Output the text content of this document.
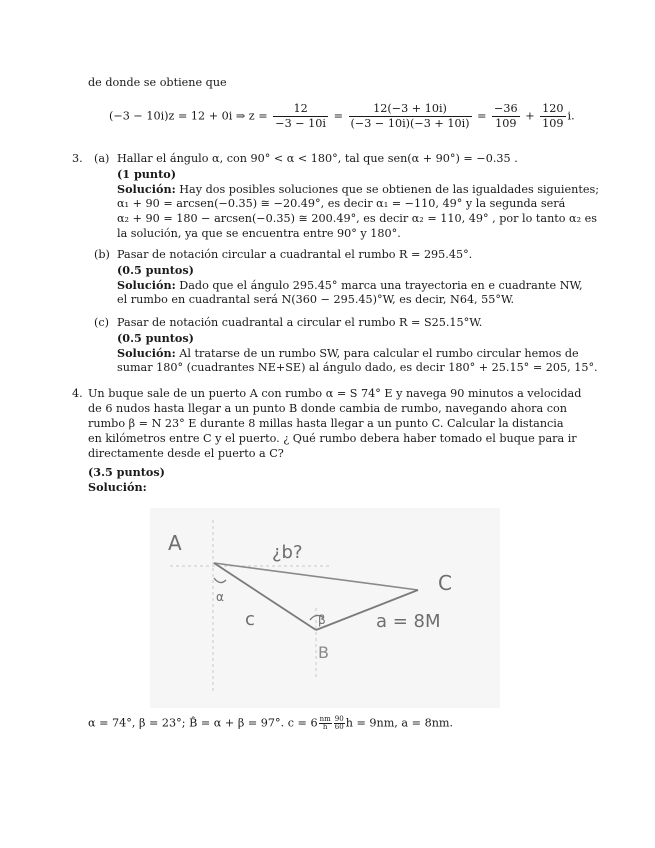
de donde se obtiene que
(−3 − 10i)z = 12 + 0i ⇒ $z = \frac{12}{-3 - 10i} = \frac{12(-3 + 10i)}{(-3 - 10i)(-3 + 10i)} = \frac{-36}{109} + \frac{120}{109} i$.
3. (a) Hallar el ángulo α, con 90° < α < 180°, tal que sen(α + 90°) = −0.35 .
(1 punto)
Solución: Hay dos posibles soluciones que se obtienen de las igualdades siguientes;
α₁ + 90 = arcsen(−0.35) ≅ −20.49°, es decir α₁ = −110, 49° y la segunda será
α₂ + 90 = 180 − arcsen(−0.35) ≅ 200.49°, es decir α₂ = 110, 49° , por lo tanto α₂ es
la solución, ya que se encuentra entre 90° y 180°.
(b) Pasar de notación circular a cuadrantal el rumbo R = 295.45°.
(0.5 puntos)
Solución: Dado que el ángulo 295.45° marca una trayectoria en e cuadrante NW,
el rumbo en cuadrantal será N(360 − 295.45)°W, es decir, N64, 55°W.
(c) Pasar de notación cuadrantal a circular el rumbo R = S25.15°W.
(0.5 puntos)
Solución: Al tratarse de un rumbo SW, para calcular el rumbo circular hemos de
sumar 180° (cuadrantes NE+SE) al ángulo dado, es decir 180° + 25.15° = 205, 15°.
4. Un buque sale de un puerto A con rumbo α = S 74° E y navega 90 minutos a velocidad
de 6 nudos hasta llegar a un punto B donde cambia de rumbo, navegando ahora con
rumbo β = N 23° E durante 8 millas hasta llegar a un punto C. Calcular la distancia
en kilómetros entre C y el puerto. ¿ Qué rumbo debera haber tomado el buque para ir
directamente desde el puerto a C?
(3.5 puntos)
Solución:
A	¿b?
C
α
c	β	a = 8M
B
α = 74°, β = 23°; B̂ = α + β = 97°. $c = 6 \frac{nm}{h} \frac{90}{60}$ h = 9nm, a = 8nm.
